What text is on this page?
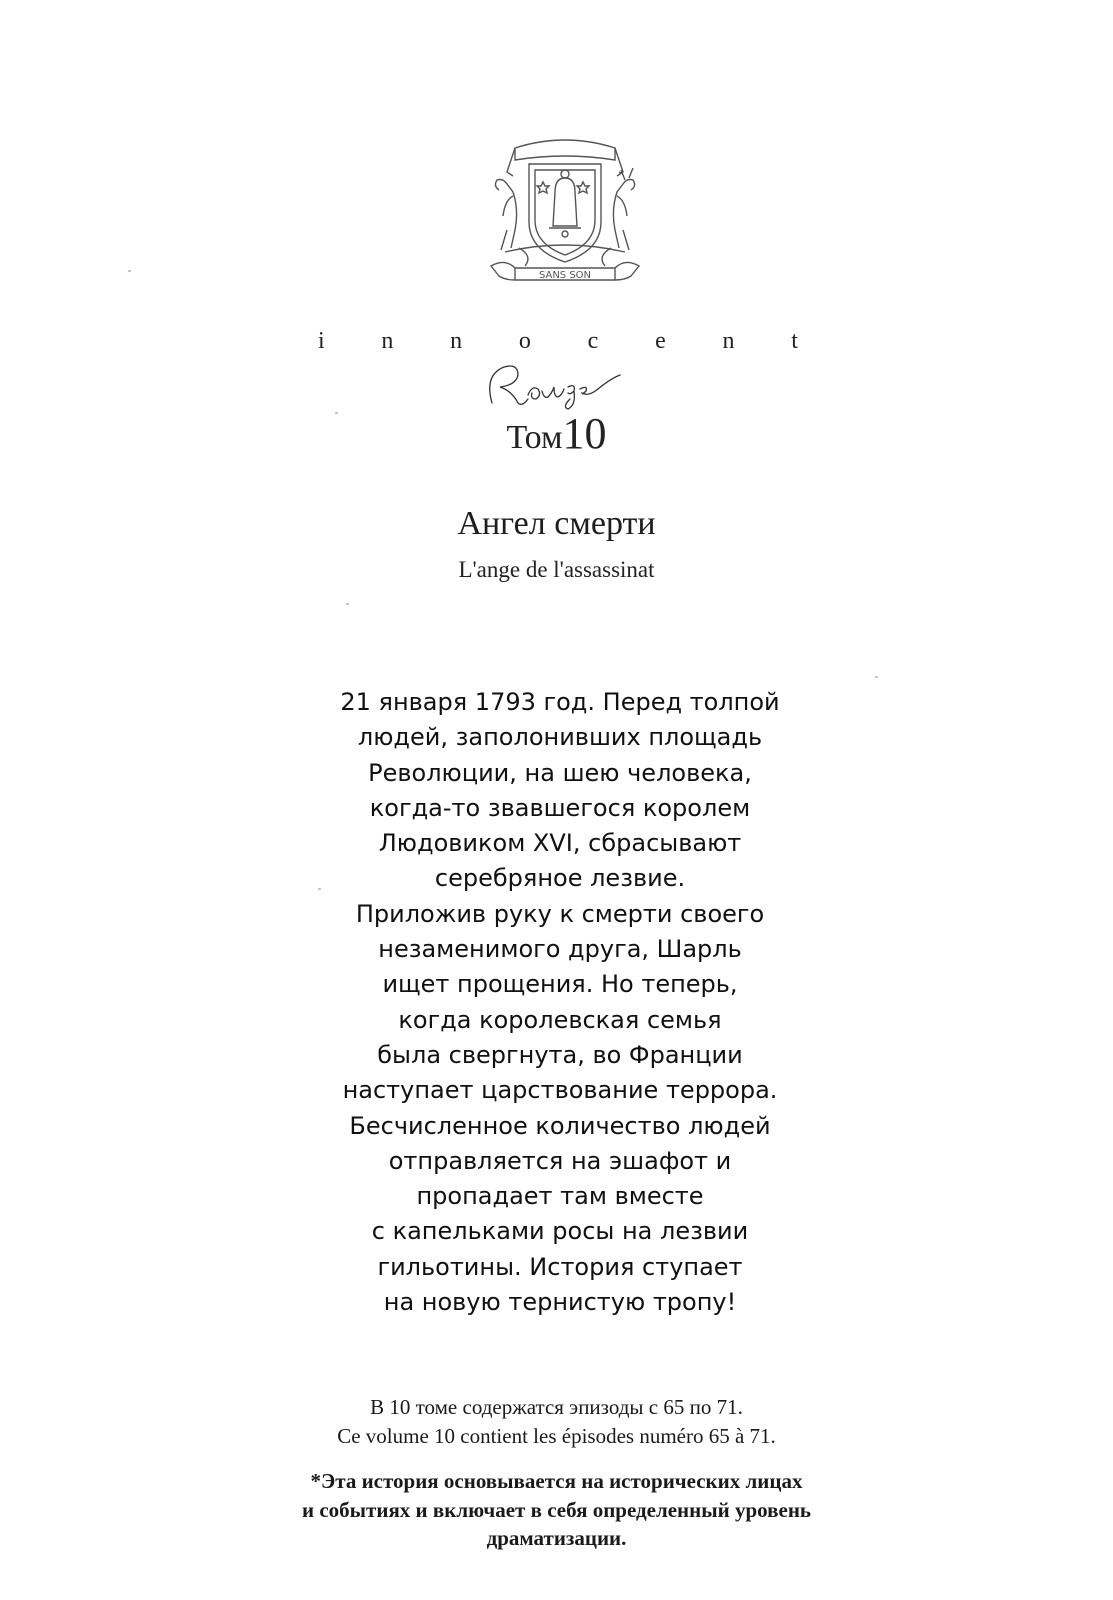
SANS SON
i n n o c e n t
Том10
Ангел смерти
L'ange de l'assassinat
21 января 1793 год. Перед толпой
людей, заполонивших площадь
Революции, на шею человека,
когда-то звавшегося королем
Людовиком XVI, сбрасывают
серебряное лезвие.
Приложив руку к смерти своего
незаменимого друга, Шарль
ищет прощения. Но теперь,
когда королевская семья
была свергнута, во Франции
наступает царствование террора.
Бесчисленное количество людей
отправляется на эшафот и
пропадает там вместе
с капельками росы на лезвии
гильотины. История ступает
на новую тернистую тропу!
В 10 томе содержатся эпизоды с 65 по 71.
Ce volume 10 contient les épisodes numéro 65 à 71.
*Эта история основывается на исторических лицах
и событиях и включает в себя определенный уровень
драматизации.
